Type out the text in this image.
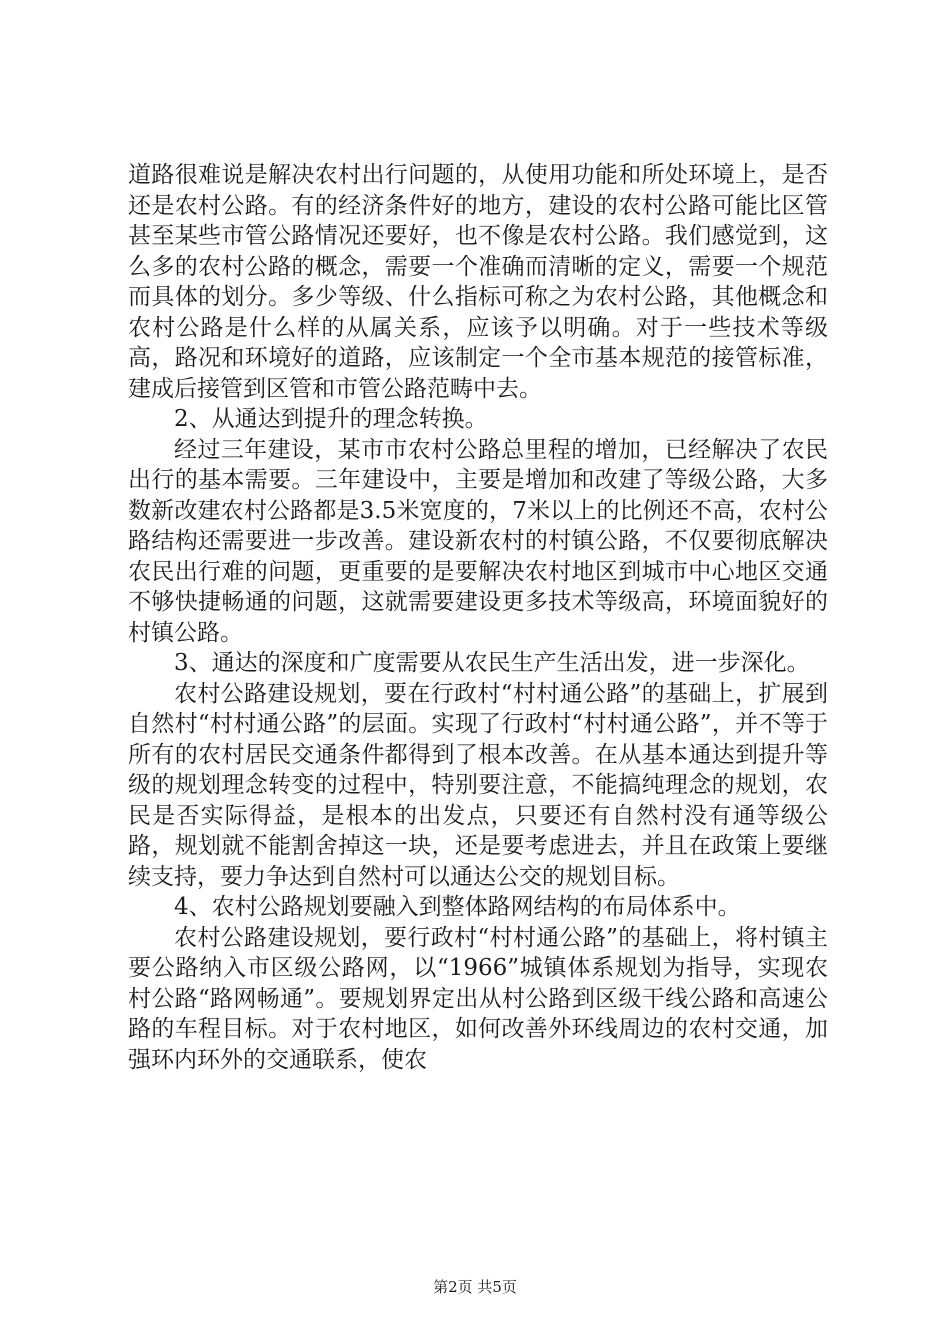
道路很难说是解决农村出行问题的，从使用功能和所处环境上，是否还是农村公路。有的经济条件好的地方，建设的农村公路可能比区管甚至某些市管公路情况还要好，也不像是农村公路。我们感觉到，这么多的农村公路的概念，需要一个准确而清晰的定义，需要一个规范而具体的划分。多少等级、什么指标可称之为农村公路，其他概念和农村公路是什么样的从属关系，应该予以明确。对于一些技术等级高，路况和环境好的道路，应该制定一个全市基本规范的接管标准，建成后接管到区管和市管公路范畴中去。

2、从通达到提升的理念转换。

经过三年建设，某市市农村公路总里程的增加，已经解决了农民出行的基本需要。三年建设中，主要是增加和改建了等级公路，大多数新改建农村公路都是3.5米宽度的，7米以上的比例还不高，农村公路结构还需要进一步改善。建设新农村的村镇公路，不仅要彻底解决农民出行难的问题，更重要的是要解决农村地区到城市中心地区交通不够快捷畅通的问题，这就需要建设更多技术等级高，环境面貌好的村镇公路。

3、通达的深度和广度需要从农民生产生活出发，进一步深化。

农村公路建设规划，要在行政村“村村通公路”的基础上，扩展到自然村“村村通公路”的层面。实现了行政村“村村通公路”，并不等于所有的农村居民交通条件都得到了根本改善。在从基本通达到提升等级的规划理念转变的过程中，特别要注意，不能搞纯理念的规划，农民是否实际得益，是根本的出发点，只要还有自然村没有通等级公路，规划就不能割舍掉这一块，还是要考虑进去，并且在政策上要继续支持，要力争达到自然村可以通达公交的规划目标。

4、农村公路规划要融入到整体路网结构的布局体系中。

农村公路建设规划，要行政村“村村通公路”的基础上，将村镇主要公路纳入市区级公路网，以“1966”城镇体系规划为指导，实现农村公路“路网畅通”。要规划界定出从村公路到区级干线公路和高速公路的车程目标。对于农村地区，如何改善外环线周边的农村交通，加强环内环外的交通联系，使农

第2页 共5页
